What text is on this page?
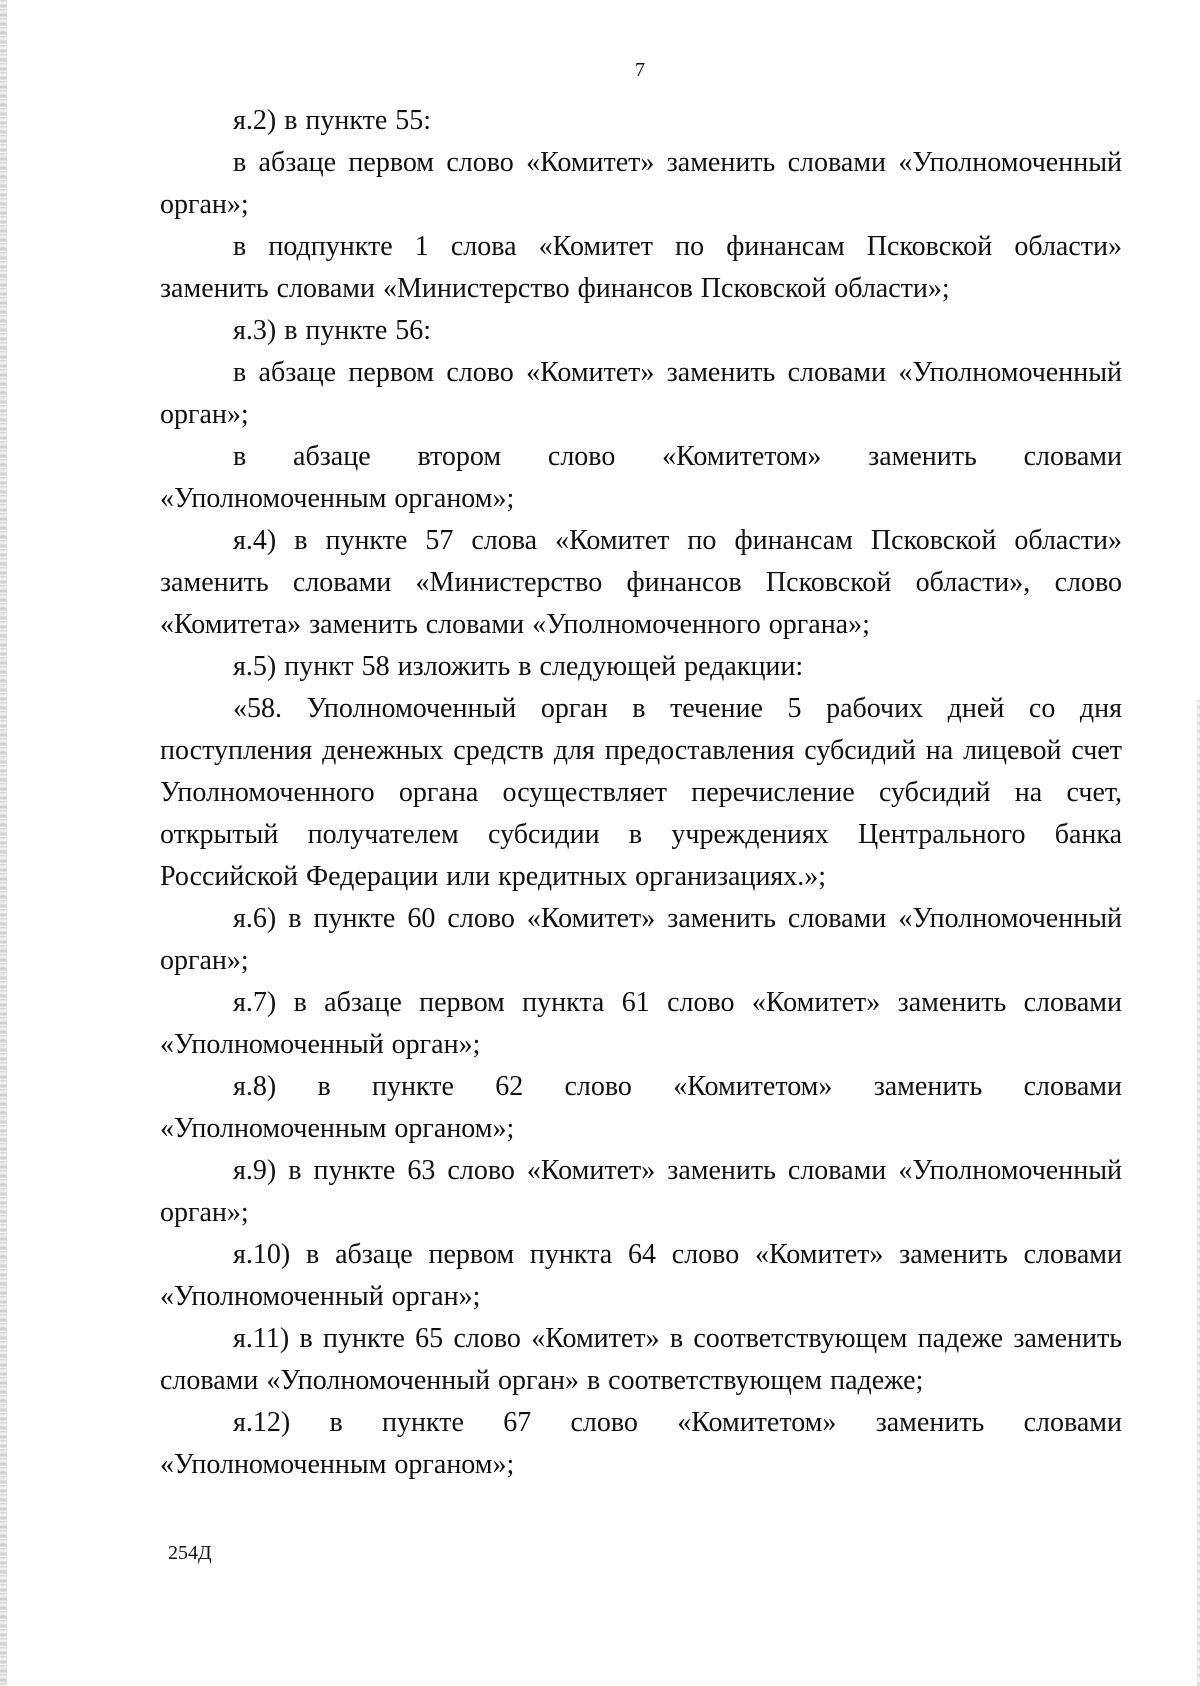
7

я.2) в пункте 55:

в абзаце первом слово «Комитет» заменить словами «Уполномоченный орган»;

в подпункте 1 слова «Комитет по финансам Псковской области» заменить словами «Министерство финансов Псковской области»;

я.3) в пункте 56:

в абзаце первом слово «Комитет» заменить словами «Уполномоченный орган»;

в абзаце втором слово «Комитетом» заменить словами «Уполномоченным органом»;

я.4) в пункте 57 слова «Комитет по финансам Псковской области» заменить словами «Министерство финансов Псковской области», слово «Комитета» заменить словами «Уполномоченного органа»;

я.5) пункт 58 изложить в следующей редакции:

«58. Уполномоченный орган в течение 5 рабочих дней со дня поступления денежных средств для предоставления субсидий на лицевой счет Уполномоченного органа осуществляет перечисление субсидий на счет, открытый получателем субсидии в учреждениях Центрального банка Российской Федерации или кредитных организациях.»;

я.6) в пункте 60 слово «Комитет» заменить словами «Уполномоченный орган»;

я.7) в абзаце первом пункта 61 слово «Комитет» заменить словами «Уполномоченный орган»;

я.8) в пункте 62 слово «Комитетом» заменить словами «Уполномоченным органом»;

я.9) в пункте 63 слово «Комитет» заменить словами «Уполномоченный орган»;

я.10) в абзаце первом пункта 64 слово «Комитет» заменить словами «Уполномоченный орган»;

я.11) в пункте 65 слово «Комитет» в соответствующем падеже заменить словами «Уполномоченный орган» в соответствующем падеже;

я.12) в пункте 67 слово «Комитетом» заменить словами «Уполномоченным органом»;

254Д
